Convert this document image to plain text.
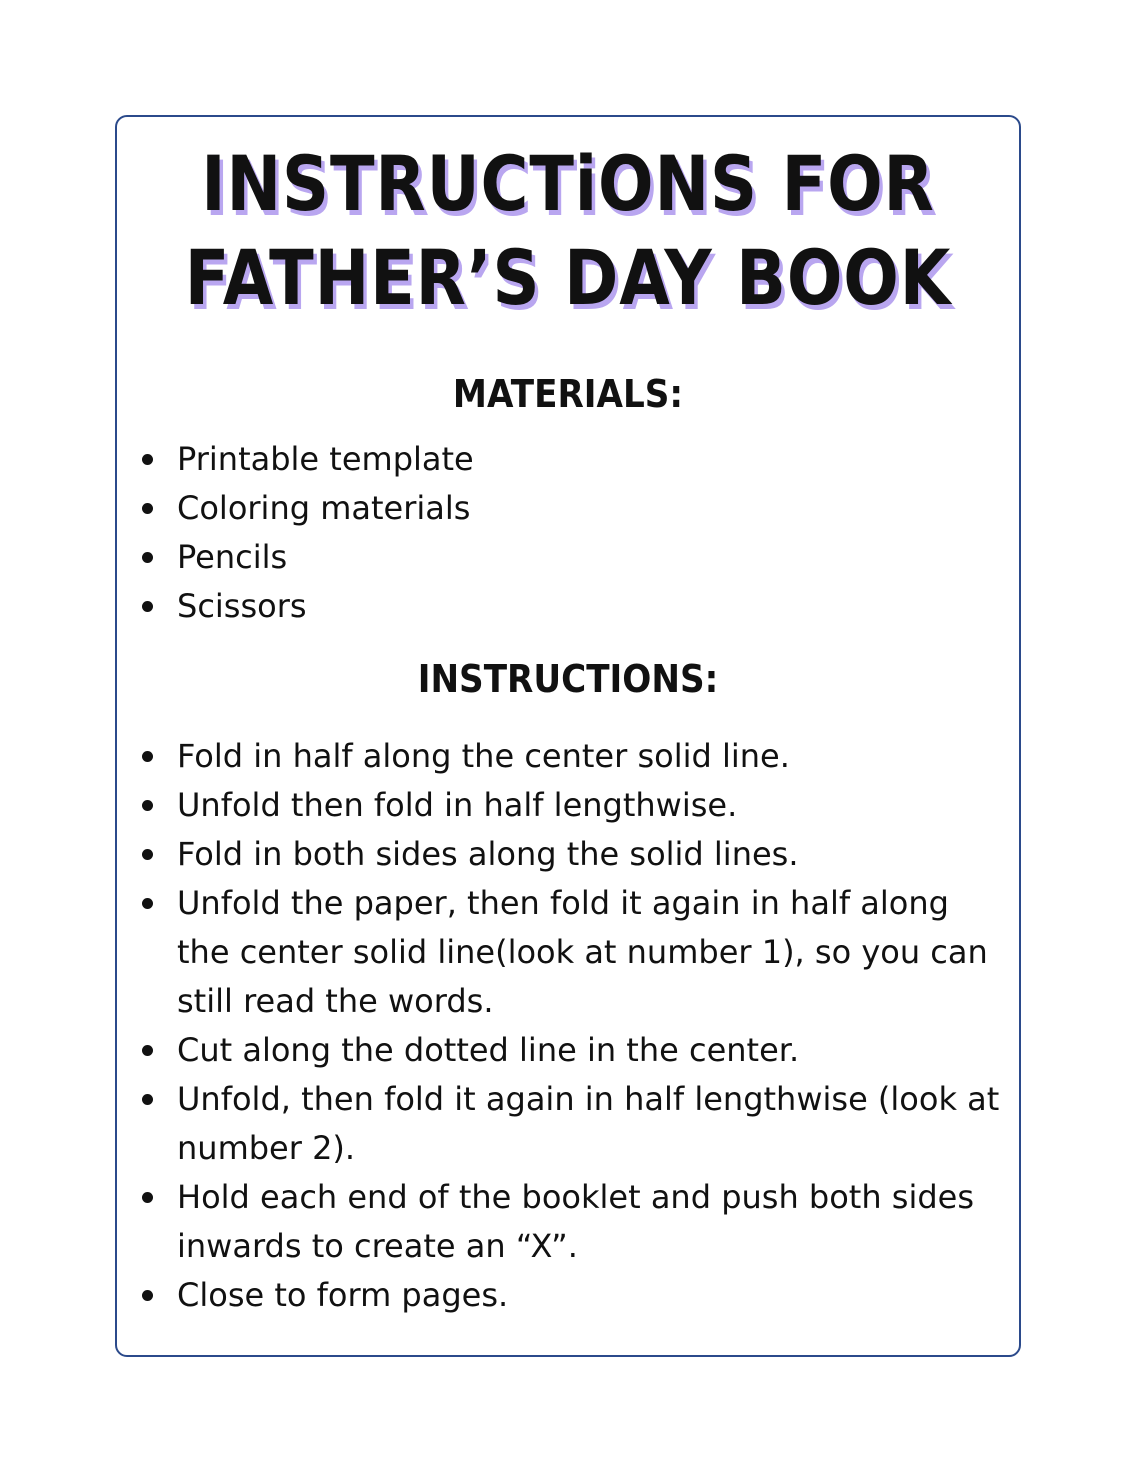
INSTRUCTiONS FOR
FATHER’S DAY BOOK
MATERIALS:
Printable template
Coloring materials
Pencils
Scissors
INSTRUCTIONS:
Fold in half along the center solid line.
Unfold then fold in half lengthwise.
Fold in both sides along the solid lines.
Unfold the paper, then fold it again in half along the center solid line(look at number 1), so you can still read the words.
Cut along the dotted line in the center.
Unfold, then fold it again in half lengthwise (look at number 2).
Hold each end of the booklet and push both sides inwards to create an “X”.
Close to form pages.
